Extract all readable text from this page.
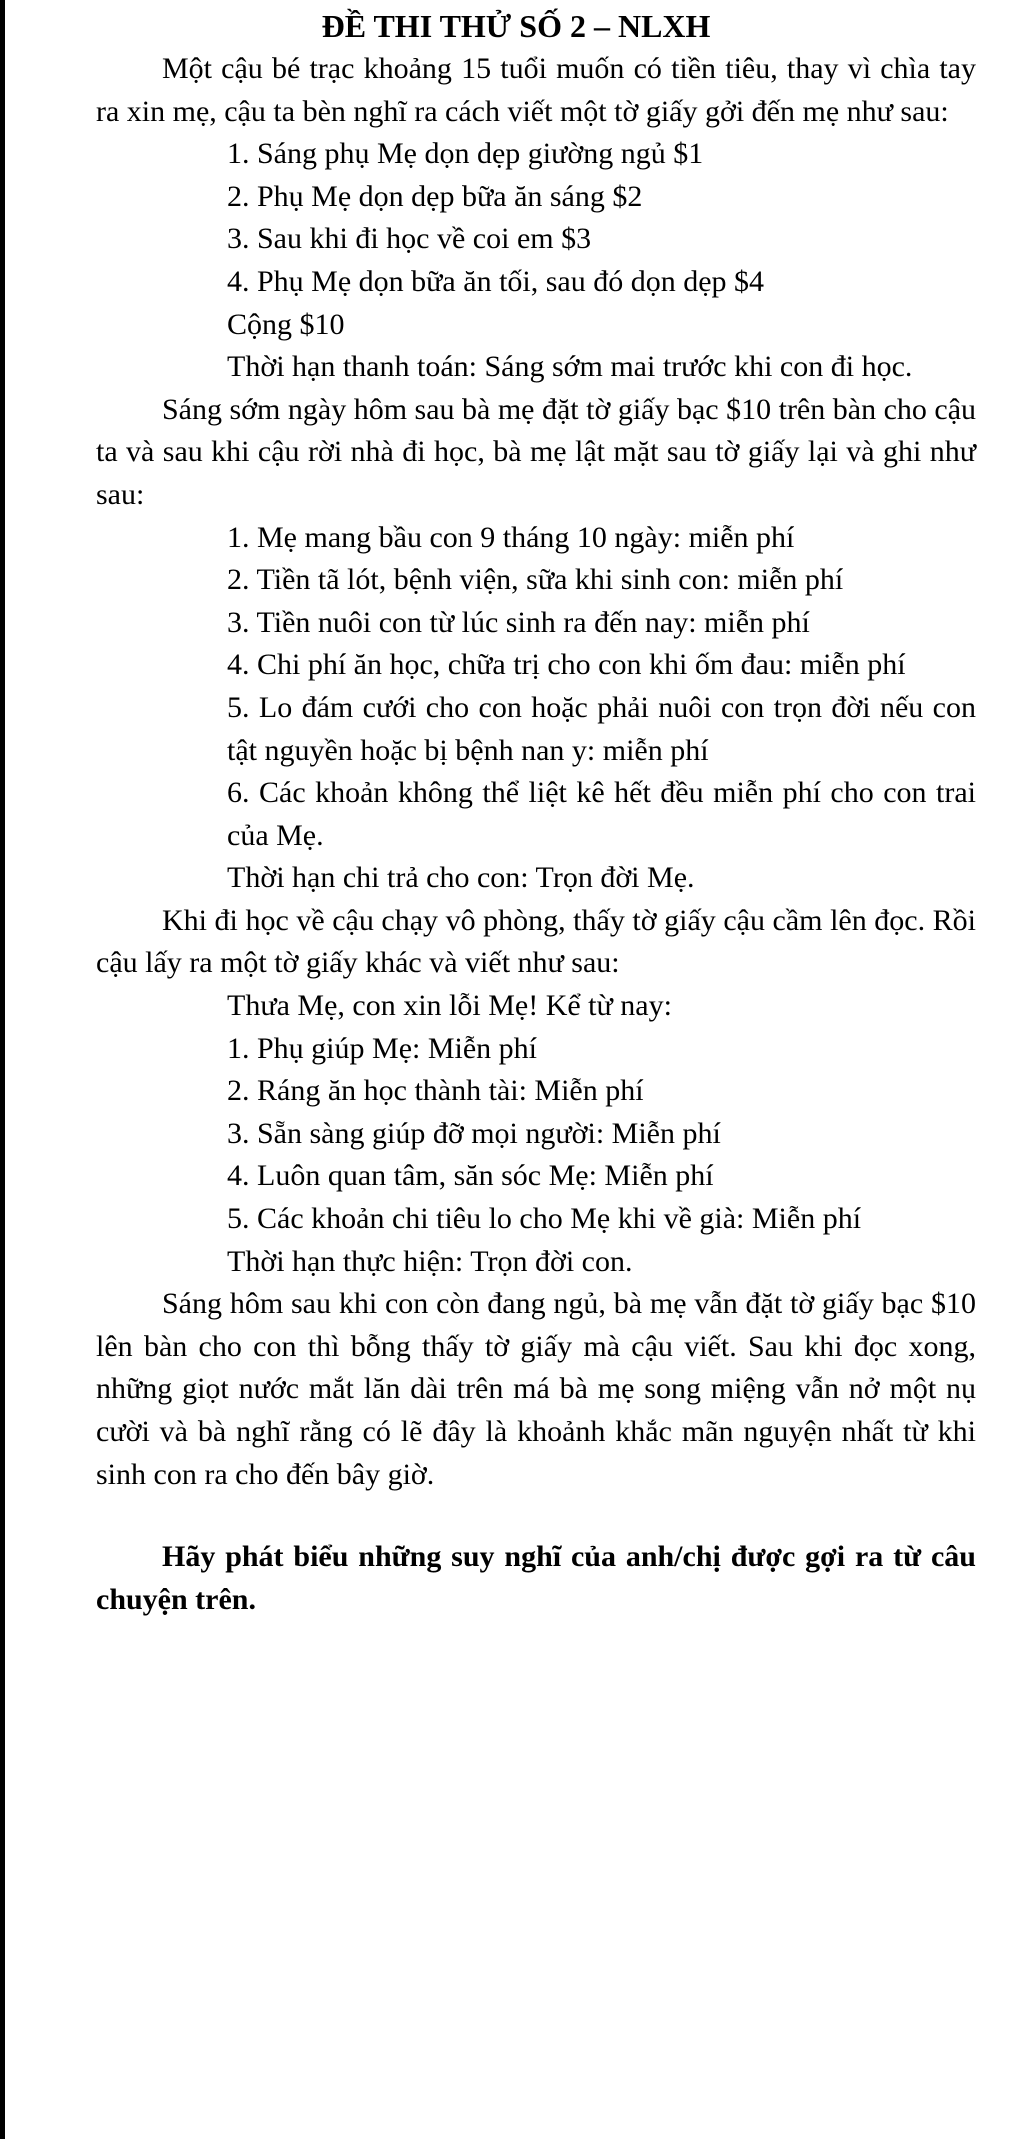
ĐỀ THI THỬ SỐ 2 – NLXH

Một cậu bé trạc khoảng 15 tuổi muốn có tiền tiêu, thay vì chìa tay ra xin mẹ, cậu ta bèn nghĩ ra cách viết một tờ giấy gởi đến mẹ như sau:

1. Sáng phụ Mẹ dọn dẹp giường ngủ $1

2. Phụ Mẹ dọn dẹp bữa ăn sáng $2

3. Sau khi đi học về coi em $3

4. Phụ Mẹ dọn bữa ăn tối, sau đó dọn dẹp $4

Cộng $10

Thời hạn thanh toán: Sáng sớm mai trước khi con đi học.

Sáng sớm ngày hôm sau bà mẹ đặt tờ giấy bạc $10 trên bàn cho cậu ta và sau khi cậu rời nhà đi học, bà mẹ lật mặt sau tờ giấy lại và ghi như sau:

1. Mẹ mang bầu con 9 tháng 10 ngày: miễn phí

2. Tiền tã lót, bệnh viện, sữa khi sinh con: miễn phí

3. Tiền nuôi con từ lúc sinh ra đến nay: miễn phí

4. Chi phí ăn học, chữa trị cho con khi ốm đau: miễn phí

5. Lo đám cưới cho con hoặc phải nuôi con trọn đời nếu con tật nguyền hoặc bị bệnh nan y: miễn phí

6. Các khoản không thể liệt kê hết đều miễn phí cho con trai của Mẹ.

Thời hạn chi trả cho con: Trọn đời Mẹ.

Khi đi học về cậu chạy vô phòng, thấy tờ giấy cậu cầm lên đọc. Rồi cậu lấy ra một tờ giấy khác và viết như sau:

Thưa Mẹ, con xin lỗi Mẹ! Kể từ nay:

1. Phụ giúp Mẹ: Miễn phí

2. Ráng ăn học thành tài: Miễn phí

3. Sẵn sàng giúp đỡ mọi người: Miễn phí

4. Luôn quan tâm, săn sóc Mẹ: Miễn phí

5. Các khoản chi tiêu lo cho Mẹ khi về già: Miễn phí

Thời hạn thực hiện: Trọn đời con.

Sáng hôm sau khi con còn đang ngủ, bà mẹ vẫn đặt tờ giấy bạc $10 lên bàn cho con thì bỗng thấy tờ giấy mà cậu viết. Sau khi đọc xong, những giọt nước mắt lăn dài trên má bà mẹ song miệng vẫn nở một nụ cười và bà nghĩ rằng có lẽ đây là khoảnh khắc mãn nguyện nhất từ khi sinh con ra cho đến bây giờ.

Hãy phát biểu những suy nghĩ của anh/chị được gợi ra từ câu chuyện trên.
